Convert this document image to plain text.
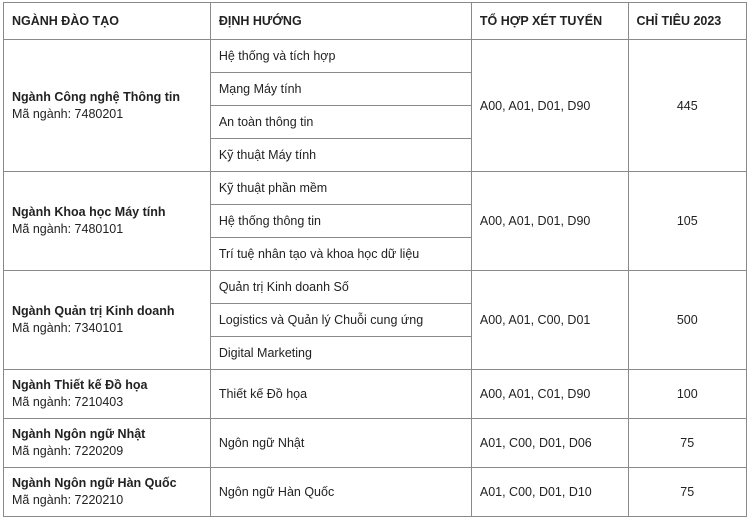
NGÀNH ĐÀO TẠO	ĐỊNH HƯỚNG	TỔ HỢP XÉT TUYỂN	CHỈ TIÊU 2023

Ngành Công nghệ Thông tin
Mã ngành: 7480201	Hệ thống và tích hợp	A00, A01, D01, D90	445
	Mạng Máy tính		
	An toàn thông tin		
	Kỹ thuật Máy tính		

Ngành Khoa học Máy tính
Mã ngành: 7480101	Kỹ thuật phần mềm	A00, A01, D01, D90	105
	Hệ thống thông tin		
	Trí tuệ nhân tạo và khoa học dữ liệu		

Ngành Quản trị Kinh doanh
Mã ngành: 7340101	Quản trị Kinh doanh Số	A00, A01, C00, D01	500
	Logistics và Quản lý Chuỗi cung ứng		
	Digital Marketing		

Ngành Thiết kế Đồ họa
Mã ngành: 7210403	Thiết kế Đồ họa	A00, A01, C01, D90	100

Ngành Ngôn ngữ Nhật
Mã ngành: 7220209	Ngôn ngữ Nhật	A01, C00, D01, D06	75

Ngành Ngôn ngữ Hàn Quốc
Mã ngành: 7220210	Ngôn ngữ Hàn Quốc	A01, C00, D01, D10	75
